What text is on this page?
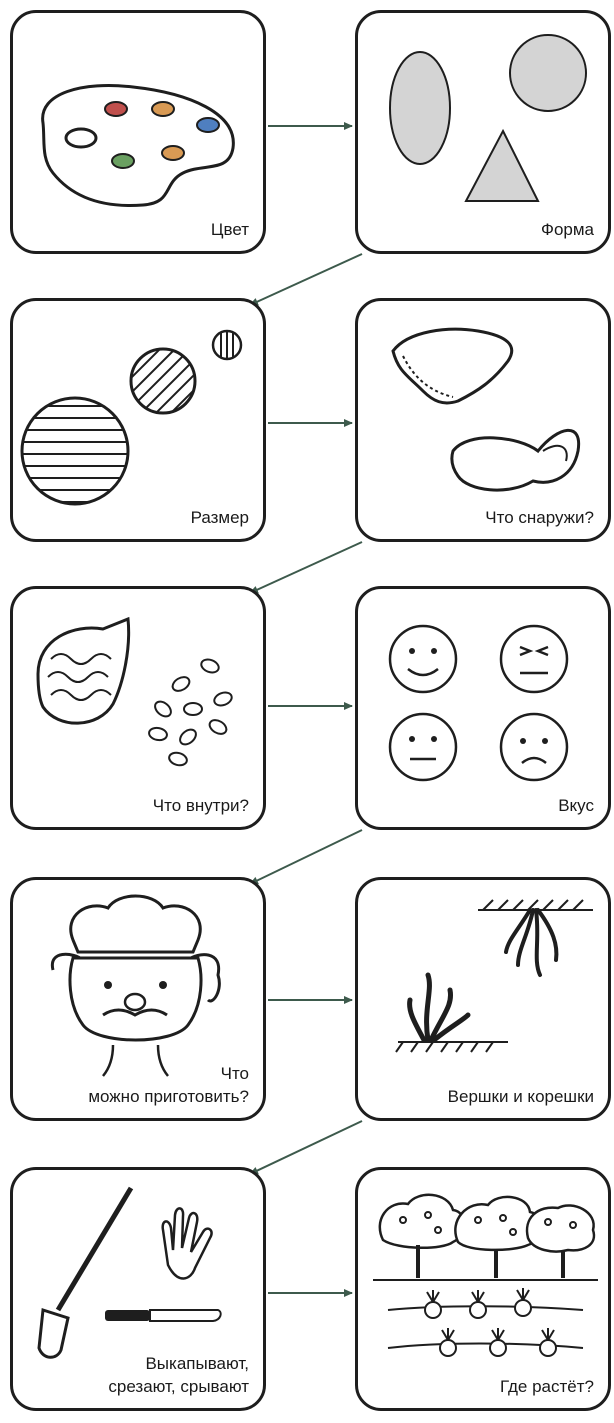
Цвет	Форма
Размер	Что снаружи?
Что внутри?	Вкус
Что
можно приготовить?	Вершки и корешки
Выкапывают,
срезают, срывают	Где растёт?
